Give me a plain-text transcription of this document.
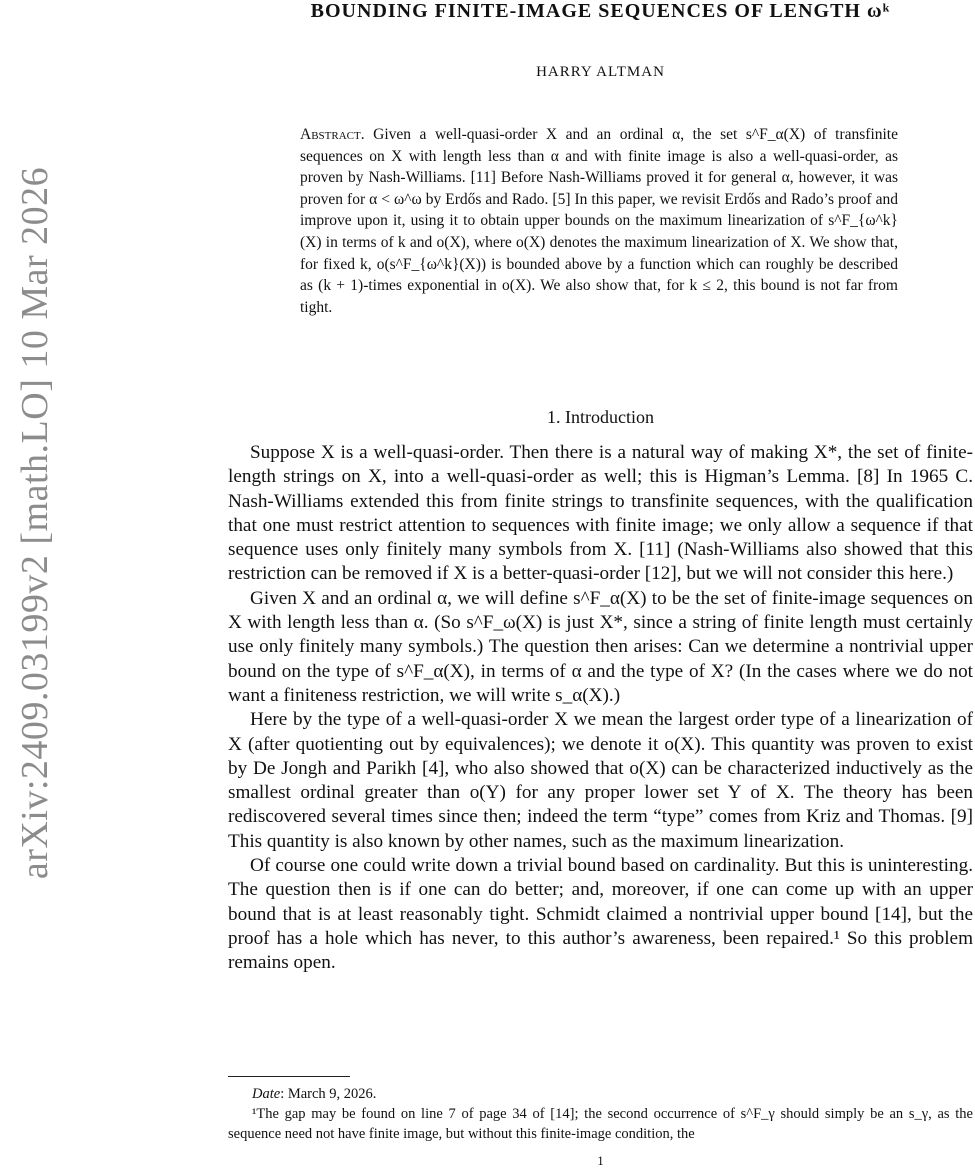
arXiv:2409.03199v2 [math.LO] 10 Mar 2026
BOUNDING FINITE-IMAGE SEQUENCES OF LENGTH ωᵏ
HARRY ALTMAN

Abstract. Given a well-quasi-order X and an ordinal α, the set s^F_α(X) of transfinite sequences on X with length less than α and with finite image is also a well-quasi-order, as proven by Nash-Williams. [11] Before Nash-Williams proved it for general α, however, it was proven for α < ω^ω by Erdős and Rado. [5] In this paper, we revisit Erdős and Rado’s proof and improve upon it, using it to obtain upper bounds on the maximum linearization of s^F_{ω^k}(X) in terms of k and o(X), where o(X) denotes the maximum linearization of X. We show that, for fixed k, o(s^F_{ω^k}(X)) is bounded above by a function which can roughly be described as (k + 1)-times exponential in o(X). We also show that, for k ≤ 2, this bound is not far from tight.

1. Introduction

Suppose X is a well-quasi-order. Then there is a natural way of making X*, the set of finite-length strings on X, into a well-quasi-order as well; this is Higman’s Lemma. [8] In 1965 C. Nash-Williams extended this from finite strings to transfinite sequences, with the qualification that one must restrict attention to sequences with finite image; we only allow a sequence if that sequence uses only finitely many symbols from X. [11] (Nash-Williams also showed that this restriction can be removed if X is a better-quasi-order [12], but we will not consider this here.)

Given X and an ordinal α, we will define s^F_α(X) to be the set of finite-image sequences on X with length less than α. (So s^F_ω(X) is just X*, since a string of finite length must certainly use only finitely many symbols.) The question then arises: Can we determine a nontrivial upper bound on the type of s^F_α(X), in terms of α and the type of X? (In the cases where we do not want a finiteness restriction, we will write s_α(X).)

Here by the type of a well-quasi-order X we mean the largest order type of a linearization of X (after quotienting out by equivalences); we denote it o(X). This quantity was proven to exist by De Jongh and Parikh [4], who also showed that o(X) can be characterized inductively as the smallest ordinal greater than o(Y) for any proper lower set Y of X. The theory has been rediscovered several times since then; indeed the term “type” comes from Kriz and Thomas. [9] This quantity is also known by other names, such as the maximum linearization.

Of course one could write down a trivial bound based on cardinality. But this is uninteresting. The question then is if one can do better; and, moreover, if one can come up with an upper bound that is at least reasonably tight. Schmidt claimed a nontrivial upper bound [14], but the proof has a hole which has never, to this author’s awareness, been repaired.¹ So this problem remains open.

Date: March 9, 2026.

¹The gap may be found on line 7 of page 34 of [14]; the second occurrence of s^F_γ should simply be an s_γ, as the sequence need not have finite image, but without this finite-image condition, the

1
